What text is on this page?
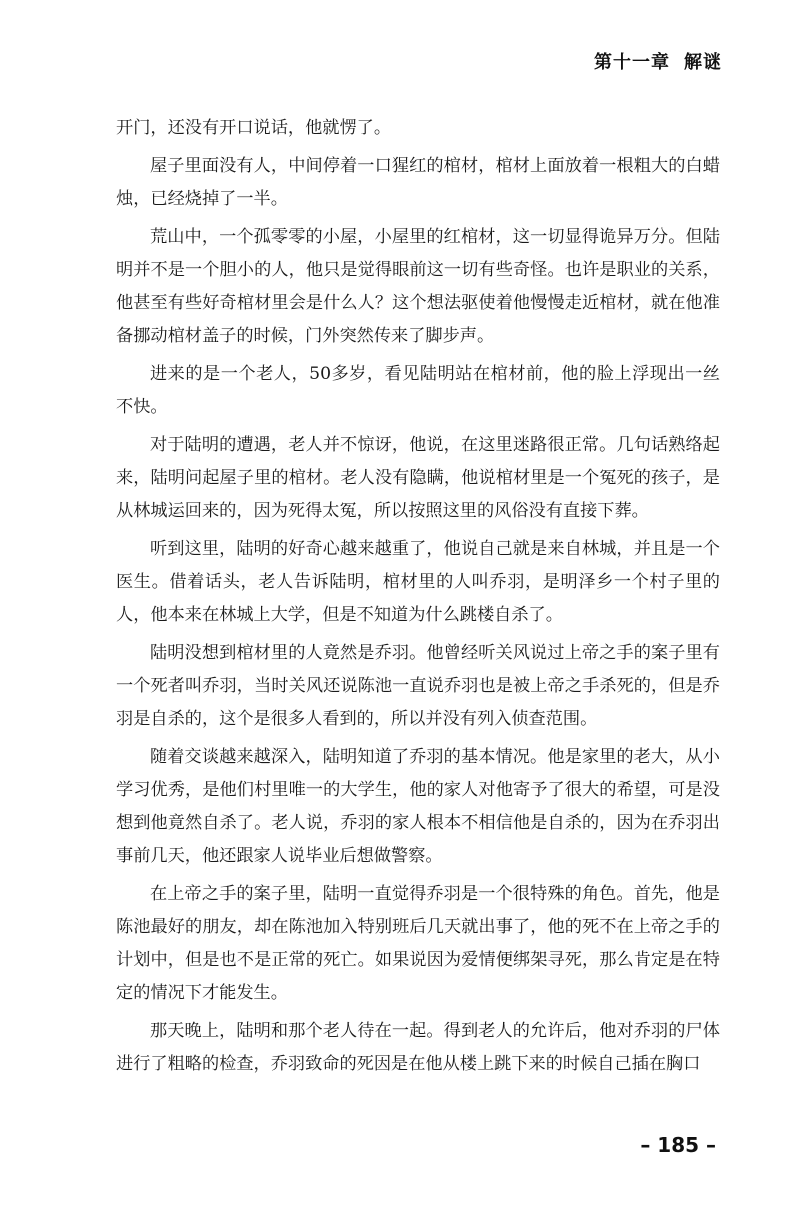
第十一章 解谜

开门，还没有开口说话，他就愣了。

屋子里面没有人，中间停着一口猩红的棺材，棺材上面放着一根粗大的白蜡烛，已经烧掉了一半。

荒山中，一个孤零零的小屋，小屋里的红棺材，这一切显得诡异万分。但陆明并不是一个胆小的人，他只是觉得眼前这一切有些奇怪。也许是职业的关系，他甚至有些好奇棺材里会是什么人？这个想法驱使着他慢慢走近棺材，就在他准备挪动棺材盖子的时候，门外突然传来了脚步声。

进来的是一个老人，50多岁，看见陆明站在棺材前，他的脸上浮现出一丝不快。

对于陆明的遭遇，老人并不惊讶，他说，在这里迷路很正常。几句话熟络起来，陆明问起屋子里的棺材。老人没有隐瞒，他说棺材里是一个冤死的孩子，是从林城运回来的，因为死得太冤，所以按照这里的风俗没有直接下葬。

听到这里，陆明的好奇心越来越重了，他说自己就是来自林城，并且是一个医生。借着话头，老人告诉陆明，棺材里的人叫乔羽，是明泽乡一个村子里的人，他本来在林城上大学，但是不知道为什么跳楼自杀了。

陆明没想到棺材里的人竟然是乔羽。他曾经听关风说过上帝之手的案子里有一个死者叫乔羽，当时关风还说陈池一直说乔羽也是被上帝之手杀死的，但是乔羽是自杀的，这个是很多人看到的，所以并没有列入侦查范围。

随着交谈越来越深入，陆明知道了乔羽的基本情况。他是家里的老大，从小学习优秀，是他们村里唯一的大学生，他的家人对他寄予了很大的希望，可是没想到他竟然自杀了。老人说，乔羽的家人根本不相信他是自杀的，因为在乔羽出事前几天，他还跟家人说毕业后想做警察。

在上帝之手的案子里，陆明一直觉得乔羽是一个很特殊的角色。首先，他是陈池最好的朋友，却在陈池加入特别班后几天就出事了，他的死不在上帝之手的计划中，但是也不是正常的死亡。如果说因为爱情便绑架寻死，那么肯定是在特定的情况下才能发生。

那天晚上，陆明和那个老人待在一起。得到老人的允许后，他对乔羽的尸体进行了粗略的检查，乔羽致命的死因是在他从楼上跳下来的时候自己插在胸口

– 185 –
